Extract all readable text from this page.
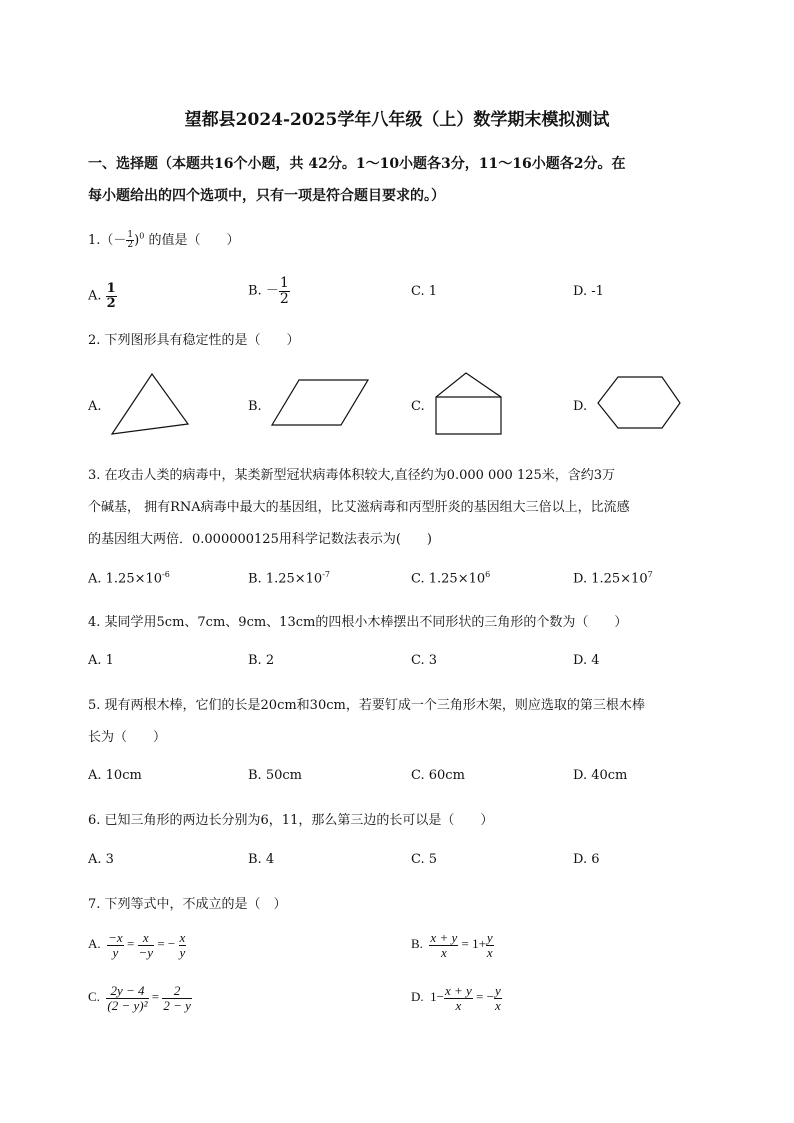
望都县2024-2025学年八年级（上）数学期末模拟测试
一、选择题（本题共16个小题，共 42分。1～10小题各3分，11～16小题各2分。在
每小题给出的四个选项中，只有一项是符合题目要求的。）
$1.(- \frac{1}{2} )^0$ 的值是（　　）
A. $\frac{1}{2}$	B. － $\frac{1}{2}$	C. 1	D. -1
2. 下列图形具有稳定性的是（　　）
A.	B.	C.	D.
3. 在攻击人类的病毒中，某类新型冠状病毒体积较大,直径约为0.000 000 125米，含约3万
个碱基， 拥有RNA病毒中最大的基因组，比艾滋病毒和丙型肝炎的基因组大三倍以上，比流感
的基因组大两倍．0.000000125用科学记数法表示为(　　)
A. $1.25\times 10^{-6}$	B. $1.25\times 10^{-7}$	C. $1.25\times 10^6$	D. $1.25\times 10^7$
4. 某同学用5cm、7cm、9cm、13cm的四根小木棒摆出不同形状的三角形的个数为（　　）
A. 1	B. 2	C. 3	D. 4
5. 现有两根木棒，它们的长是20cm和30cm，若要钉成一个三角形木架，则应选取的第三根木棒
长为（　　）
A. 10cm	B. 50cm	C. 60cm	D. 40cm
6. 已知三角形的两边长分别为6，11，那么第三边的长可以是（　　）
A. 3	B. 4	C. 5	D. 6
7. 下列等式中，不成立的是（　）
A. $\frac{-x}{y} = \frac{x}{-y}$ = − $\frac{x}{y}$	B. $\frac{x + y}{x} = 1+ \frac{y}{x}$
C. $\frac{2y - 4}{\text{(2 − y)²}} = \frac{2}{2 - y}$	D. $1- \frac{x + y}{x}$ = − $\frac{y}{x}$
